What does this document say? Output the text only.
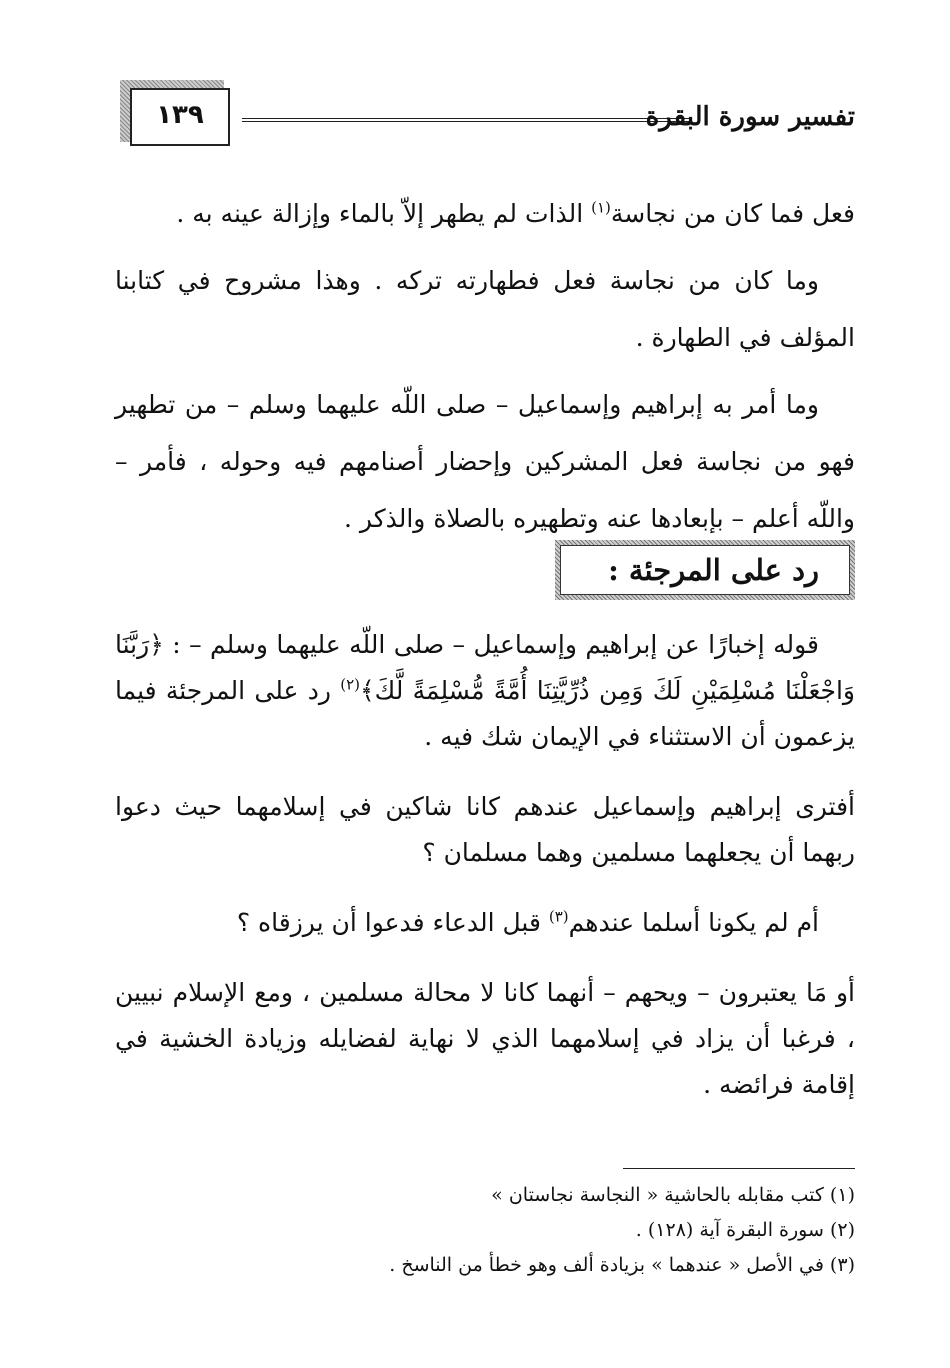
١٣٩	تفسير سورة البقرة

فعل فما كان من نجاسة$^{(١)}$ الذات لم يطهر إلاّ بالماء وإزالة عينه به .

وما كان من نجاسة فعل فطهارته تركه . وهذا مشروح في كتابنا المؤلف في الطهارة .

وما أمر به إبراهيم وإسماعيل – صلى اللّه عليهما وسلم – من تطهير فهو من نجاسة فعل المشركين وإحضار أصنامهم فيه وحوله ، فأمر – واللّه أعلم – بإبعادها عنه وتطهيره بالصلاة والذكر .

رد على المرجئة :

قوله إخبارًا عن إبراهيم وإسماعيل – صلى اللّه عليهما وسلم – : ﴿رَبَّنَا وَاجْعَلْنَا مُسْلِمَيْنِ لَكَ وَمِن ذُرِّيَّتِنَا أُمَّةً مُّسْلِمَةً لَّكَ﴾$^{(٢)}$ رد على المرجئة فيما يزعمون أن الاستثناء في الإيمان شك فيه .

أفترى إبراهيم وإسماعيل عندهم كانا شاكين في إسلامهما حيث دعوا ربهما أن يجعلهما مسلمين وهما مسلمان ؟

أم لم يكونا أسلما عندهم$^{(٣)}$ قبل الدعاء فدعوا أن يرزقاه ؟

أو مَا يعتبرون – ويحهم – أنهما كانا لا محالة مسلمين ، ومع الإسلام نبيين ، فرغبا أن يزاد في إسلامهما الذي لا نهاية لفضايله وزيادة الخشية في إقامة فرائضه .

(١) كتب مقابله بالحاشية « النجاسة نجاستان »
(٢) سورة البقرة آية (١٢٨) .
(٣) في الأصل « عندهما » بزيادة ألف وهو خطأ من الناسخ .
